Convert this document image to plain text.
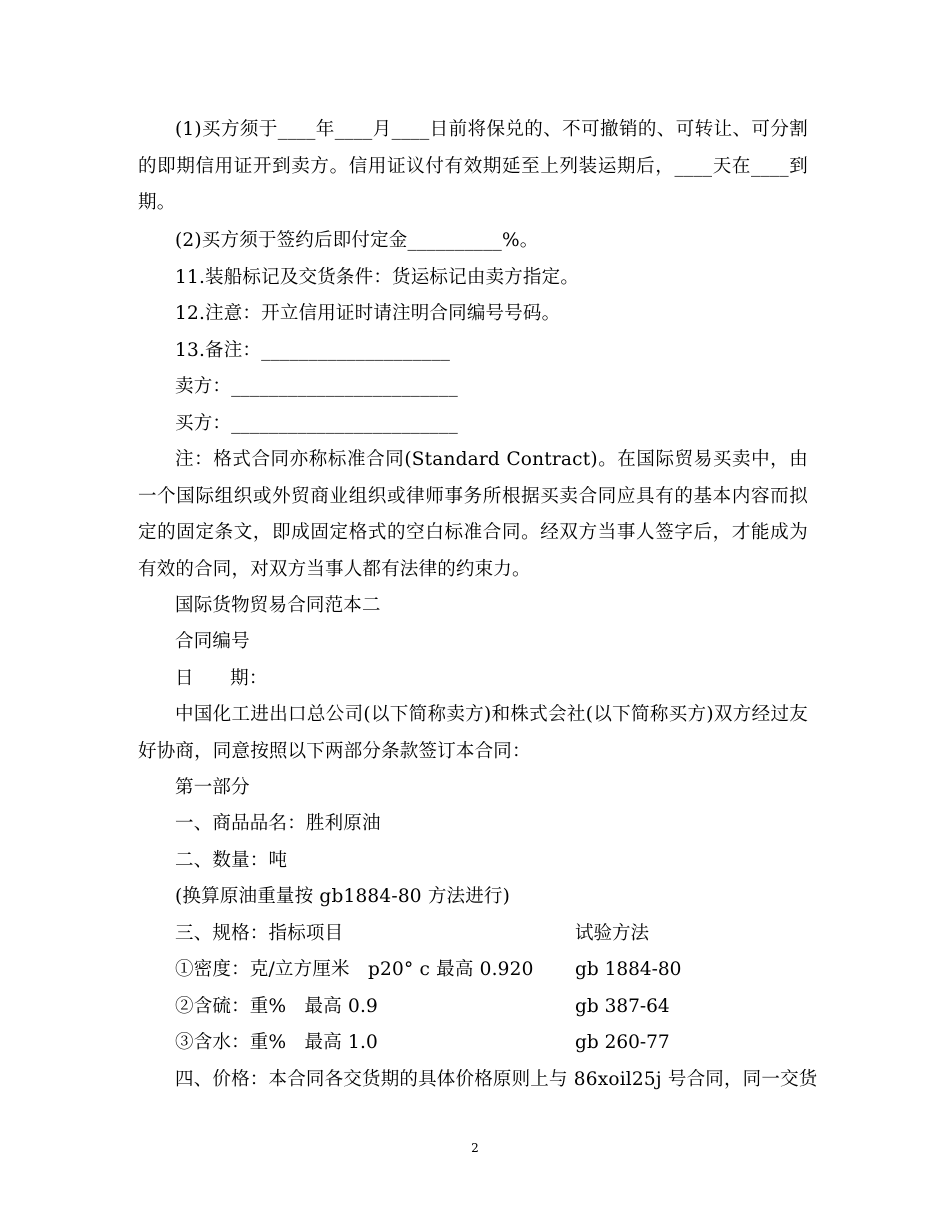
(1)买方须于____年____月____日前将保兑的、不可撤销的、可转让、可分割的即期信用证开到卖方。信用证议付有效期延至上列装运期后，____天在____到期。

(2)买方须于签约后即付定金__________%。
11.装船标记及交货条件：货运标记由卖方指定。
12.注意：开立信用证时请注明合同编号号码。
13.备注：____________________
卖方：________________________
买方：________________________

注：格式合同亦称标准合同(Standard Contract)。在国际贸易买卖中，由一个国际组织或外贸商业组织或律师事务所根据买卖合同应具有的基本内容而拟定的固定条文，即成固定格式的空白标准合同。经双方当事人签字后，才能成为有效的合同，对双方当事人都有法律的约束力。

国际货物贸易合同范本二
合同编号
日      期：

中国化工进出口总公司(以下简称卖方)和株式会社(以下简称买方)双方经过友好协商，同意按照以下两部分条款签订本合同：

第一部分
一、商品品名：胜利原油
二、数量：吨
(换算原油重量按 gb1884-80 方法进行)
三、规格：指标项目	试验方法
①密度：克/立方厘米   p20° c 最高 0.920 gb 1884-80
②含硫：重%   最高 0.9	gb 387-64
③含水：重%   最高 1.0	gb 260-77
四、价格：本合同各交货期的具体价格原则上与 86xoil25j 号合同，同一交货
2
